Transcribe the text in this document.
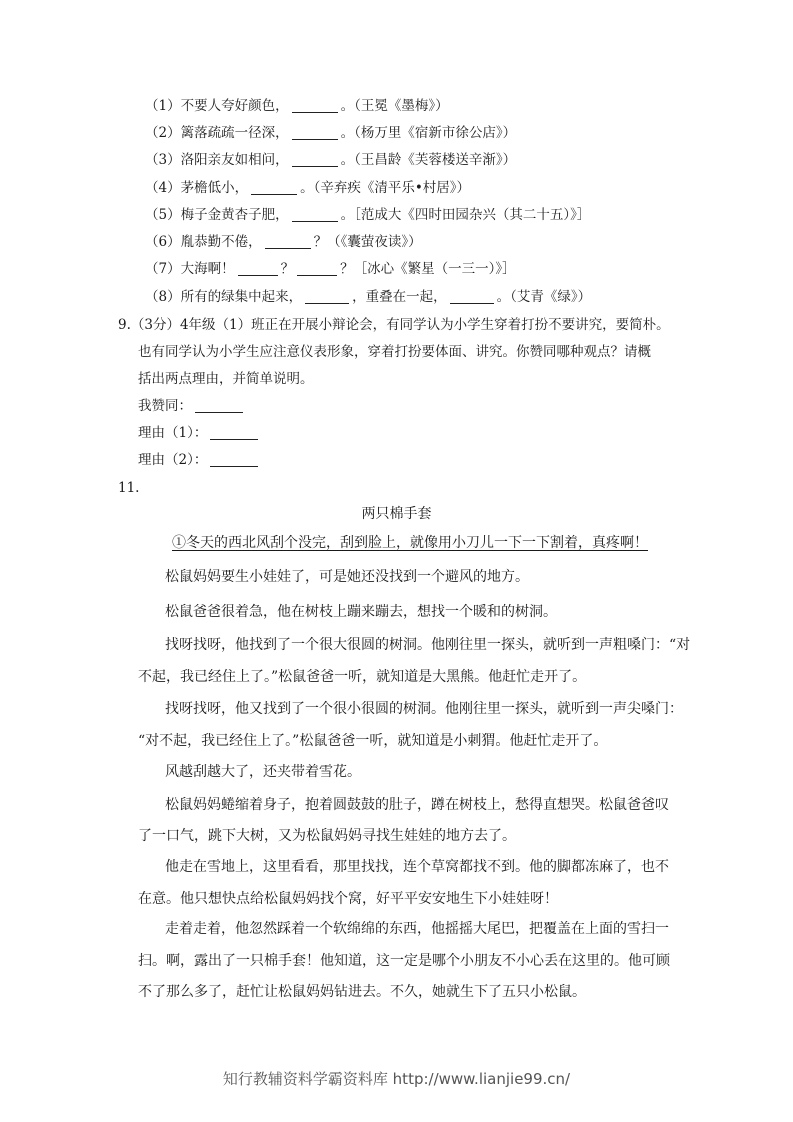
（1）不要人夸好颜色，	。（王冕《墨梅》）
（2）篱落疏疏一径深，	。（杨万里《宿新市徐公店》）
（3）洛阳亲友如相问，	。（王昌龄《芙蓉楼送辛渐》）
（4）茅檐低小，	。（辛弃疾《清平乐•村居》）
（5）梅子金黄杏子肥，	。［范成大《四时田园杂兴（其二十五）》］
（6）胤恭勤不倦，	？（《囊萤夜读》）
（7）大海啊！	？	？［冰心《繁星（一三一）》］
（8）所有的绿集中起来，	，重叠在一起，	。（艾青《绿》）
9.（3分）4年级（1）班正在开展小辩论会，有同学认为小学生穿着打扮不要讲究，要简朴。
也有同学认为小学生应注意仪表形象，穿着打扮要体面、讲究。你赞同哪种观点？请概
括出两点理由，并简单说明。
我赞同：
理由（1）：
理由（2）：
11.
两只棉手套
①冬天的西北风刮个没完，刮到脸上，就像用小刀儿一下一下割着，真疼啊！
松鼠妈妈要生小娃娃了，可是她还没找到一个避风的地方。
松鼠爸爸很着急，他在树枝上蹦来蹦去，想找一个暖和的树洞。
找呀找呀，他找到了一个很大很圆的树洞。他刚往里一探头，就听到一声粗嗓门：“对
不起，我已经住上了。”松鼠爸爸一听，就知道是大黑熊。他赶忙走开了。
找呀找呀，他又找到了一个很小很圆的树洞。他刚往里一探头，就听到一声尖嗓门：
“对不起，我已经住上了。”松鼠爸爸一听，就知道是小刺猬。他赶忙走开了。
风越刮越大了，还夹带着雪花。
松鼠妈妈蜷缩着身子，抱着圆鼓鼓的肚子，蹲在树枝上，愁得直想哭。松鼠爸爸叹
了一口气，跳下大树，又为松鼠妈妈寻找生娃娃的地方去了。
他走在雪地上，这里看看，那里找找，连个草窝都找不到。他的脚都冻麻了，也不
在意。他只想快点给松鼠妈妈找个窝，好平平安安地生下小娃娃呀！
走着走着，他忽然踩着一个软绵绵的东西，他摇摇大尾巴，把覆盖在上面的雪扫一
扫。啊，露出了一只棉手套！他知道，这一定是哪个小朋友不小心丢在这里的。他可顾
不了那么多了，赶忙让松鼠妈妈钻进去。不久，她就生下了五只小松鼠。
知行教辅资料学霸资料库 http://www.lianjie99.cn/
